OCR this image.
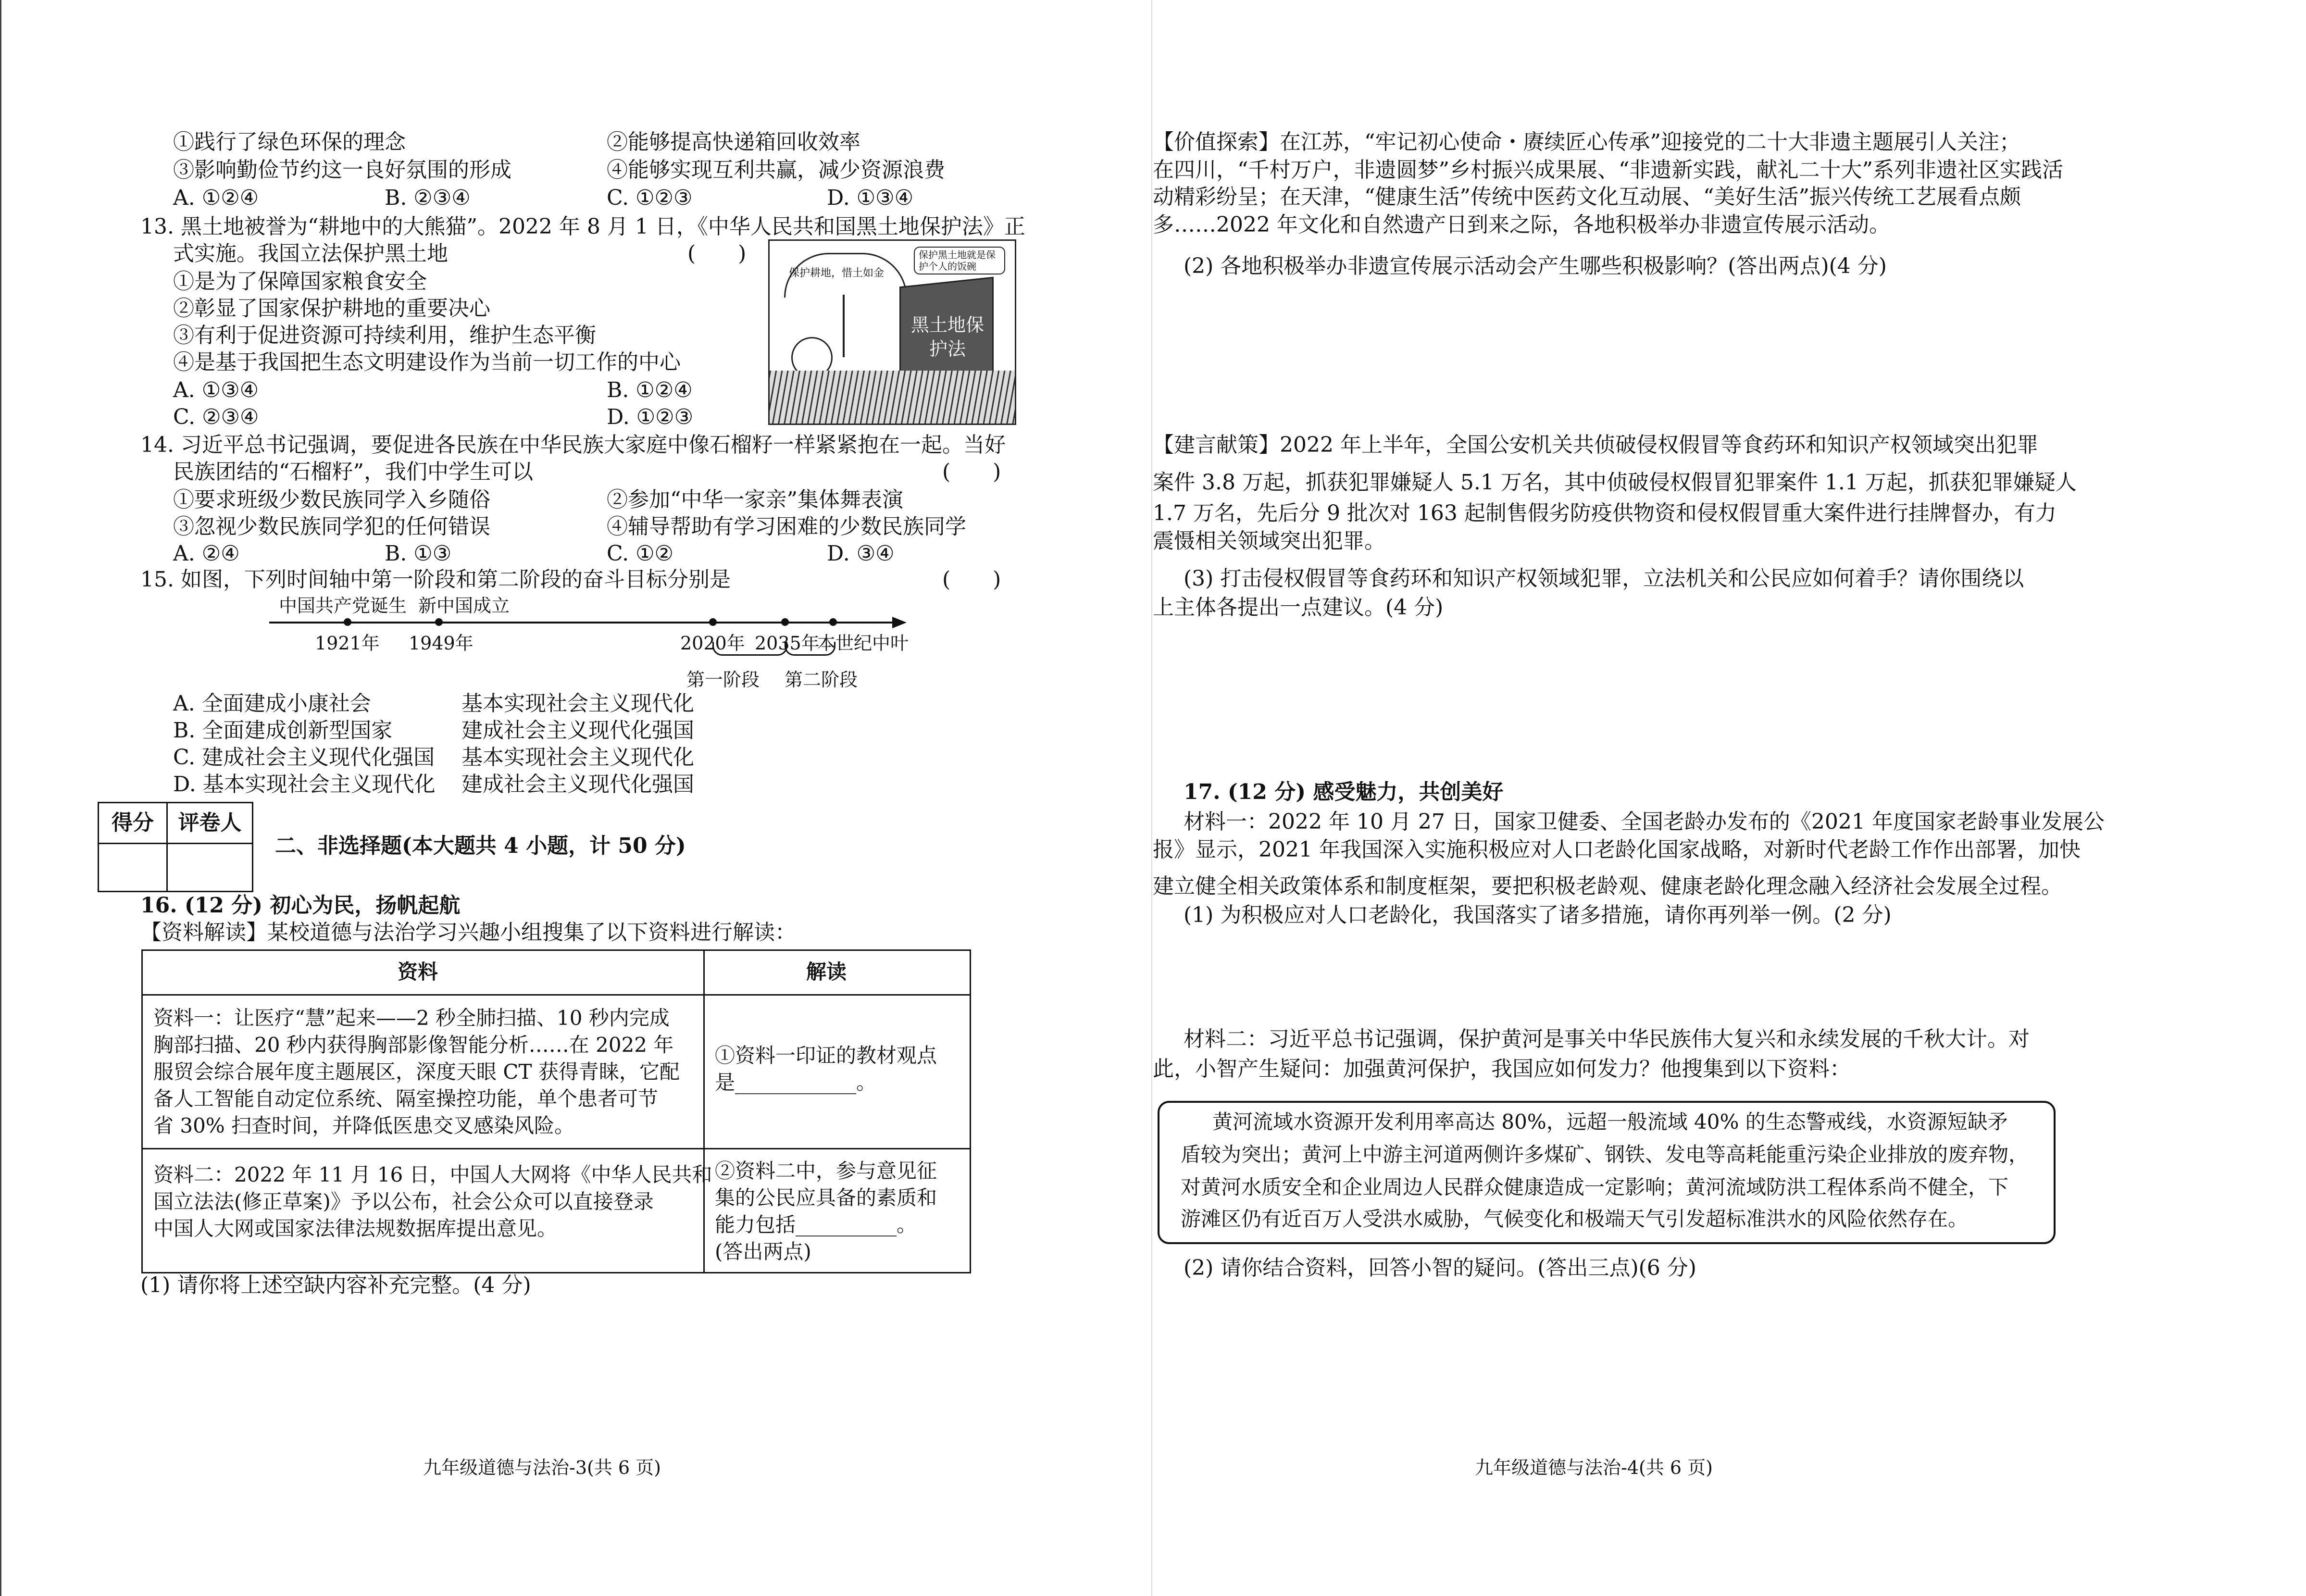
①践行了绿色环保的理念	②能够提高快递箱回收效率
③影响勤俭节约这一良好氛围的形成	④能够实现互利共赢，减少资源浪费
A. ①②④	B. ②③④	C. ①②③	D. ①③④
13. 黑土地被誉为“耕地中的大熊猫”。2022 年 8 月 1 日，《中华人民共和国黑土地保护法》正
式实施。我国立法保护黑土地	(　　)
①是为了保障国家粮食安全
②彰显了国家保护耕地的重要决心
③有利于促进资源可持续利用，维护生态平衡
④是基于我国把生态文明建设作为当前一切工作的中心
A. ①③④	B. ①②④
C. ②③④	D. ①②③
保护耕地，惜土如金
保护黑土地就是保护个人的饭碗
黑土地保护法
14. 习近平总书记强调，要促进各民族在中华民族大家庭中像石榴籽一样紧紧抱在一起。当好
民族团结的“石榴籽”，我们中学生可以	(　　)
①要求班级少数民族同学入乡随俗	②参加“中华一家亲”集体舞表演
③忽视少数民族同学犯的任何错误	④辅导帮助有学习困难的少数民族同学
A. ②④	B. ①③	C. ①②	D. ③④
15. 如图，下列时间轴中第一阶段和第二阶段的奋斗目标分别是	(　　)
中国共产党诞生 新中国成立
1921年 1949年	2020年 2035年
本世纪中叶
第一阶段 第二阶段
A. 全面建成小康社会	基本实现社会主义现代化
B. 全面建成创新型国家	建成社会主义现代化强国
C. 建成社会主义现代化强国 基本实现社会主义现代化
D. 基本实现社会主义现代化 建成社会主义现代化强国
得分	评卷人
二、非选择题(本大题共 4 小题，计 50 分)
16. (12 分) 初心为民，扬帆起航
【资料解读】某校道德与法治学习兴趣小组搜集了以下资料进行解读：
资料	解读
资料一：让医疗“慧”起来——2 秒全肺扫描、10 秒内完成
胸部扫描、20 秒内获得胸部影像智能分析……在 2022 年
服贸会综合展年度主题展区，深度天眼 CT 获得青睐，它配
备人工智能自动定位系统、隔室操控功能，单个患者可节
省 30% 扫查时间，并降低医患交叉感染风险。
①资料一印证的教材观点
是____________。
资料二：2022 年 11 月 16 日，中国人大网将《中华人民共和
国立法法(修正草案)》予以公布，社会公众可以直接登录
中国人大网或国家法律法规数据库提出意见。
②资料二中，参与意见征
集的公民应具备的素质和
能力包括__________。
(答出两点)
(1) 请你将上述空缺内容补充完整。(4 分)
九年级道德与法治-3(共 6 页)
【价值探索】在江苏，“牢记初心使命・赓续匠心传承”迎接党的二十大非遗主题展引人关注；
在四川，“千村万户，非遗圆梦”乡村振兴成果展、“非遗新实践，献礼二十大”系列非遗社区实践活
动精彩纷呈；在天津，“健康生活”传统中医药文化互动展、“美好生活”振兴传统工艺展看点颇
多……2022 年文化和自然遗产日到来之际，各地积极举办非遗宣传展示活动。
(2) 各地积极举办非遗宣传展示活动会产生哪些积极影响？(答出两点)(4 分)
【建言献策】2022 年上半年，全国公安机关共侦破侵权假冒等食药环和知识产权领域突出犯罪
案件 3.8 万起，抓获犯罪嫌疑人 5.1 万名，其中侦破侵权假冒犯罪案件 1.1 万起，抓获犯罪嫌疑人
1.7 万名，先后分 9 批次对 163 起制售假劣防疫供物资和侵权假冒重大案件进行挂牌督办，有力
震慑相关领域突出犯罪。
(3) 打击侵权假冒等食药环和知识产权领域犯罪，立法机关和公民应如何着手？请你围绕以
上主体各提出一点建议。(4 分)
17. (12 分) 感受魅力，共创美好
材料一：2022 年 10 月 27 日，国家卫健委、全国老龄办发布的《2021 年度国家老龄事业发展公
报》显示，2021 年我国深入实施积极应对人口老龄化国家战略，对新时代老龄工作作出部署，加快
建立健全相关政策体系和制度框架，要把积极老龄观、健康老龄化理念融入经济社会发展全过程。
(1) 为积极应对人口老龄化，我国落实了诸多措施，请你再列举一例。(2 分)
材料二：习近平总书记强调，保护黄河是事关中华民族伟大复兴和永续发展的千秋大计。对
此，小智产生疑问：加强黄河保护，我国应如何发力？他搜集到以下资料：
黄河流域水资源开发利用率高达 80%，远超一般流域 40% 的生态警戒线，水资源短缺矛
盾较为突出；黄河上中游主河道两侧许多煤矿、钢铁、发电等高耗能重污染企业排放的废弃物，
对黄河水质安全和企业周边人民群众健康造成一定影响；黄河流域防洪工程体系尚不健全，下
游滩区仍有近百万人受洪水威胁，气候变化和极端天气引发超标准洪水的风险依然存在。
(2) 请你结合资料，回答小智的疑问。(答出三点)(6 分)
九年级道德与法治-4(共 6 页)
